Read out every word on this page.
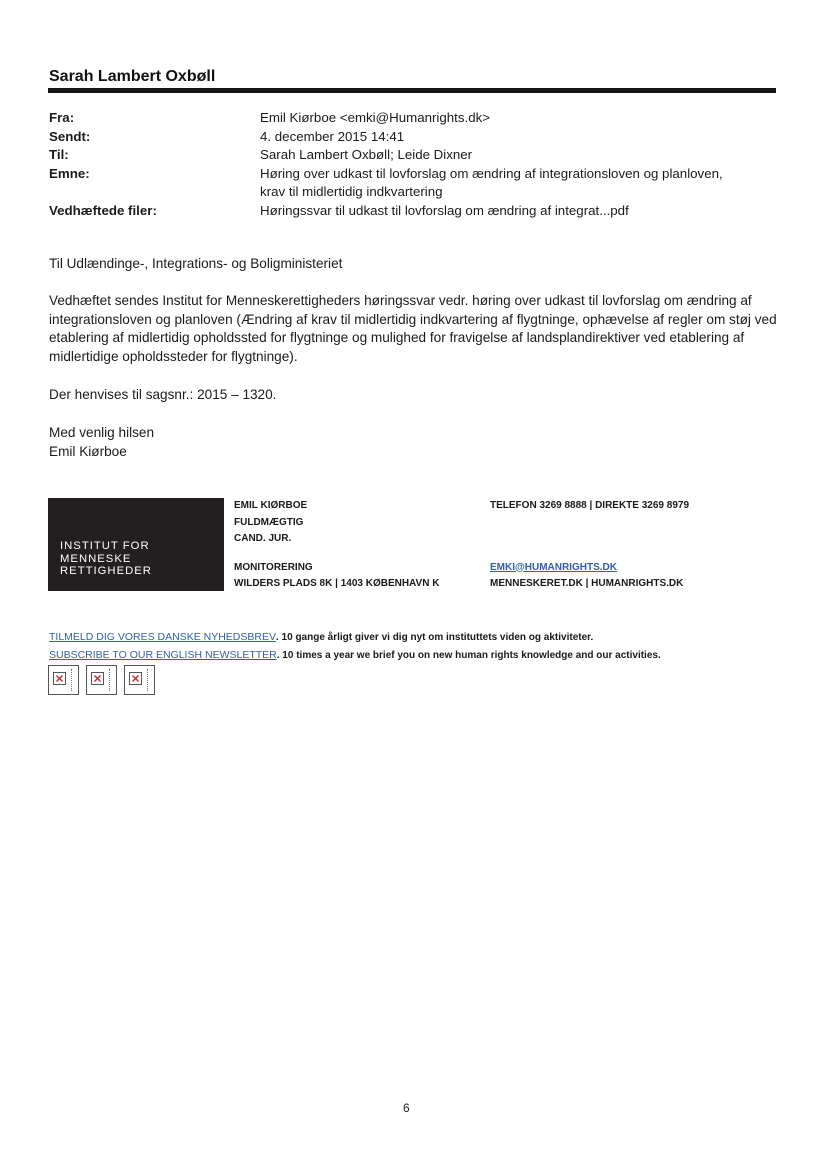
Sarah Lambert Oxbøll
Fra:	Emil Kiørboe <emki@Humanrights.dk>
Sendt:	4. december 2015 14:41
Til:	Sarah Lambert Oxbøll; Leide Dixner
Emne:	Høring over udkast til lovforslag om ændring af integrationsloven og planloven, krav til midlertidig indkvartering
Vedhæftede filer:	Høringssvar til udkast til lovforslag om ændring af integrat...pdf

Til Udlændinge-, Integrations- og Boligministeriet

Vedhæftet sendes Institut for Menneskerettigheders høringssvar vedr. høring over udkast til lovforslag om ændring af integrationsloven og planloven (Ændring af krav til midlertidig indkvartering af flygtninge, ophævelse af regler om støj ved etablering af midlertidig opholdssted for flygtninge og mulighed for fravigelse af landsplandirektiver ved etablering af midlertidige opholdssteder for flygtninge).

Der henvises til sagsnr.: 2015 – 1320.

Med venlig hilsen

Emil Kiørboe

INSTITUT FOR
MENNESKE
RETTIGHEDER
EMIL KIØRBOE
FULDMÆGTIG
CAND. JUR.
MONITORERING
WILDERS PLADS 8K | 1403 KØBENHAVN K
TELEFON 3269 8888 | DIREKTE 3269 8979
EMKI@HUMANRIGHTS.DK
MENNESKERET.DK | HUMANRIGHTS.DK
TILMELD DIG VORES DANSKE NYHEDSBREV. 10 gange årligt giver vi dig nyt om instituttets viden og aktiviteter.
SUBSCRIBE TO OUR ENGLISH NEWSLETTER. 10 times a year we brief you on new human rights knowledge and our activities.
6
